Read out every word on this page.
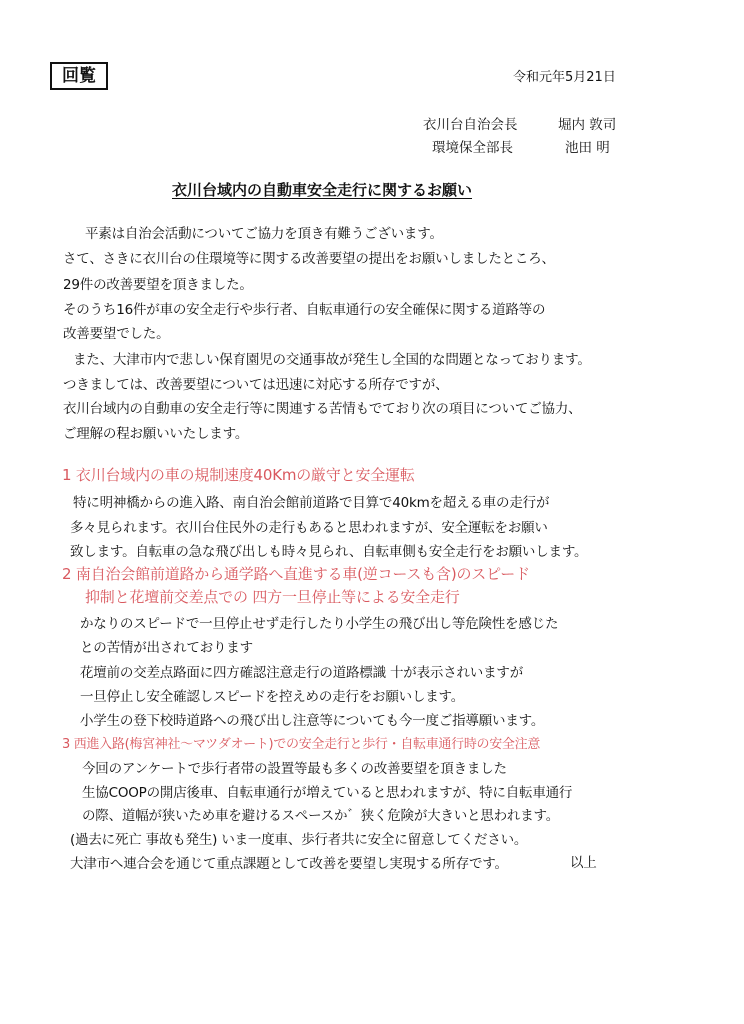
回覧	令和元年5月21日
衣川台自治会長	堀内 敦司
環境保全部長	池田 明
衣川台域内の自動車安全走行に関するお願い
平素は自治会活動についてご協力を頂き有難うございます。
さて、さきに衣川台の住環境等に関する改善要望の提出をお願いしましたところ、
29件の改善要望を頂きました。
そのうち16件が車の安全走行や歩行者、自転車通行の安全確保に関する道路等の
改善要望でした。
また、大津市内で悲しい保育園児の交通事故が発生し全国的な問題となっております。
つきましては、改善要望については迅速に対応する所存ですが、
衣川台域内の自動車の安全走行等に関連する苦情もでており次の項目についてご協力、
ご理解の程お願いいたします。
1 衣川台域内の車の規制速度40Kmの厳守と安全運転
特に明神橋からの進入路、南自治会館前道路で目算で40kmを超える車の走行が
多々見られます。衣川台住民外の走行もあると思われますが、安全運転をお願い
致します。自転車の急な飛び出しも時々見られ、自転車側も安全走行をお願いします。
2 南自治会館前道路から通学路へ直進する車(逆コースも含)のスピード
抑制と花壇前交差点での 四方一旦停止等による安全走行
かなりのスピードで一旦停止せず走行したり小学生の飛び出し等危険性を感じた
との苦情が出されております
花壇前の交差点路面に四方確認注意走行の道路標識 十が表示されいますが
一旦停止し安全確認しスピードを控えめの走行をお願いします。
小学生の登下校時道路への飛び出し注意等についても今一度ご指導願います。
3 西進入路(梅宮神社～マツダオート)での安全走行と歩行・自転車通行時の安全注意
今回のアンケートで歩行者帯の設置等最も多くの改善要望を頂きました
生協COOPの開店後車、自転車通行が増えていると思われますが、特に自転車通行
の際、道幅が狭いため車を避けるスペースか゛狭く危険が大きいと思われます。
(過去に死亡 事故も発生) いま一度車、歩行者共に安全に留意してください。
大津市へ連合会を通じて重点課題として改善を要望し実現する所存です。	以上
